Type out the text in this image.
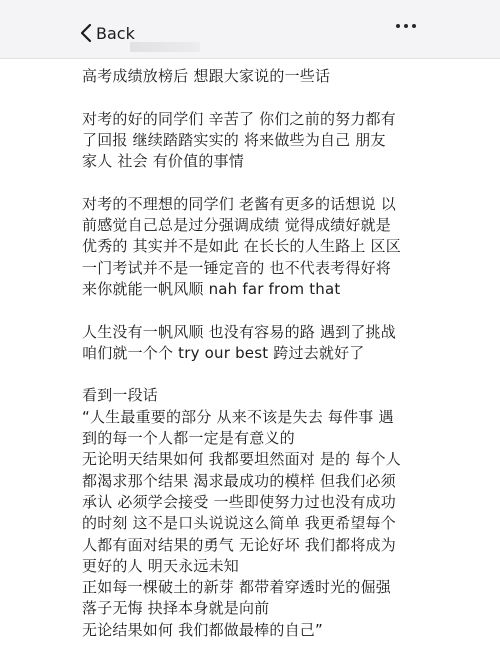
Back
高考成绩放榜后 想跟大家说的一些话
对考的好的同学们 辛苦了 你们之前的努力都有
了回报 继续踏踏实实的 将来做些为自己 朋友
家人 社会 有价值的事情
对考的不理想的同学们 老酱有更多的话想说 以
前感觉自己总是过分强调成绩 觉得成绩好就是
优秀的 其实并不是如此 在长长的人生路上 区区
一门考试并不是一锤定音的 也不代表考得好将
来你就能一帆风顺 nah far from that
人生没有一帆风顺 也没有容易的路 遇到了挑战
咱们就一个个 try our best 跨过去就好了
看到一段话
“人生最重要的部分 从来不该是失去 每件事 遇
到的每一个人都一定是有意义的
无论明天结果如何 我都要坦然面对 是的 每个人
都渴求那个结果 渴求最成功的模样 但我们必须
承认 必须学会接受 一些即使努力过也没有成功
的时刻 这不是口头说说这么简单 我更希望每个
人都有面对结果的勇气 无论好坏 我们都将成为
更好的人 明天永远未知
正如每一棵破土的新芽 都带着穿透时光的倔强
落子无悔 抉择本身就是向前
无论结果如何 我们都做最棒的自己”
